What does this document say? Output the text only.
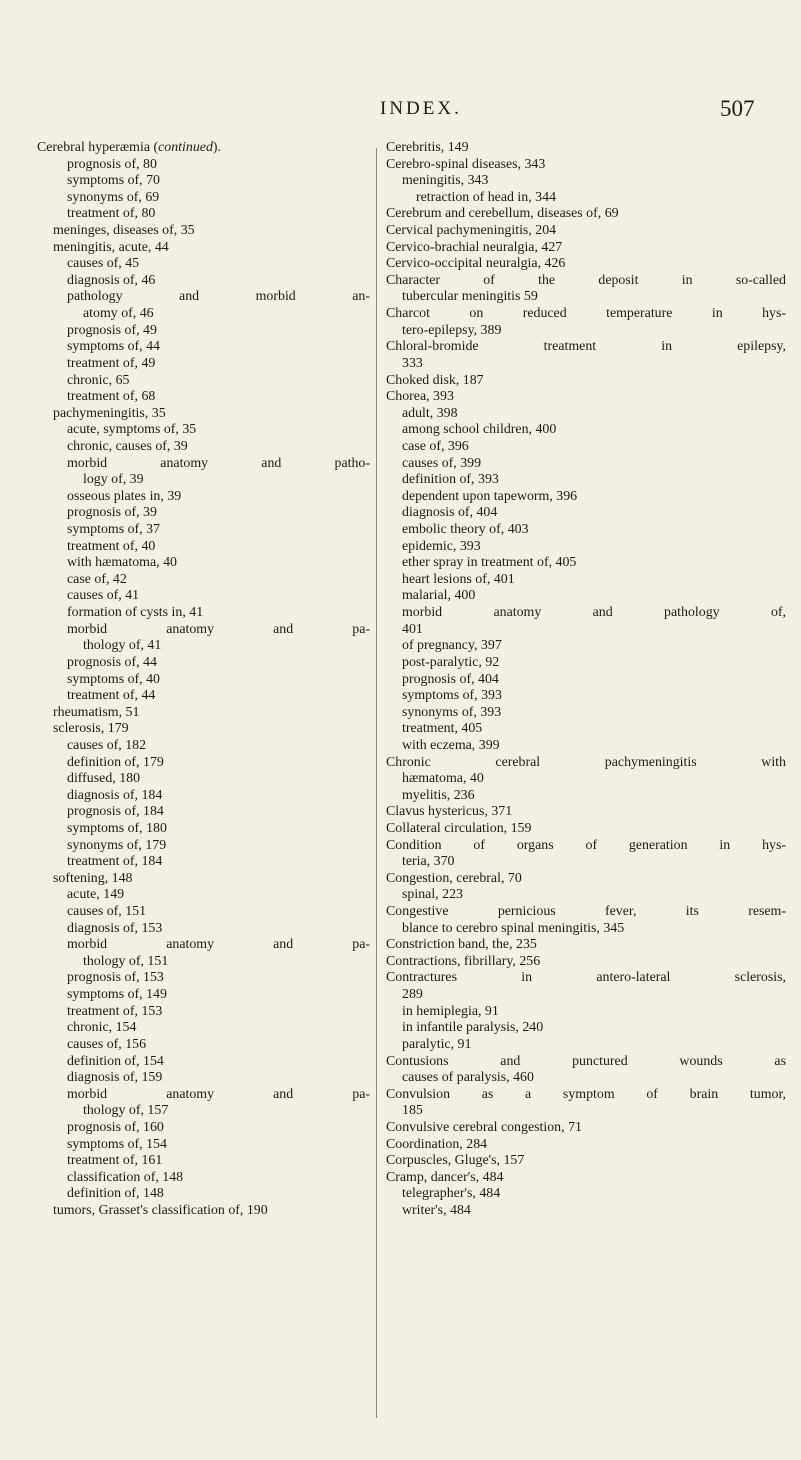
INDEX.	507
Cerebral hyperæmia (continued).
prognosis of, 80
symptoms of, 70
synonyms of, 69
treatment of, 80
meninges, diseases of, 35
meningitis, acute, 44
causes of, 45
diagnosis of, 46
pathology and morbid an-
atomy of, 46
prognosis of, 49
symptoms of, 44
treatment of, 49
chronic, 65
treatment of, 68
pachymeningitis, 35
acute, symptoms of, 35
chronic, causes of, 39
morbid anatomy and patho-
logy of, 39
osseous plates in, 39
prognosis of, 39
symptoms of, 37
treatment of, 40
with hæmatoma, 40
case of, 42
causes of, 41
formation of cysts in, 41
morbid anatomy and pa-
thology of, 41
prognosis of, 44
symptoms of, 40
treatment of, 44
rheumatism, 51
sclerosis, 179
causes of, 182
definition of, 179
diffused, 180
diagnosis of, 184
prognosis of, 184
symptoms of, 180
synonyms of, 179
treatment of, 184
softening, 148
acute, 149
causes of, 151
diagnosis of, 153
morbid anatomy and pa-
thology of, 151
prognosis of, 153
symptoms of, 149
treatment of, 153
chronic, 154
causes of, 156
definition of, 154
diagnosis of, 159
morbid anatomy and pa-
thology of, 157
prognosis of, 160
symptoms of, 154
treatment of, 161
classification of, 148
definition of, 148
tumors, Grasset's classification of, 190
Cerebritis, 149
Cerebro-spinal diseases, 343
meningitis, 343
retraction of head in, 344
Cerebrum and cerebellum, diseases of, 69
Cervical pachymeningitis, 204
Cervico-brachial neuralgia, 427
Cervico-occipital neuralgia, 426
Character of the deposit in so-called
tubercular meningitis 59
Charcot on reduced temperature in hys-
tero-epilepsy, 389
Chloral-bromide treatment in epilepsy,
333
Choked disk, 187
Chorea, 393
adult, 398
among school children, 400
case of, 396
causes of, 399
definition of, 393
dependent upon tapeworm, 396
diagnosis of, 404
embolic theory of, 403
epidemic, 393
ether spray in treatment of, 405
heart lesions of, 401
malarial, 400
morbid anatomy and pathology of,
401
of pregnancy, 397
post-paralytic, 92
prognosis of, 404
symptoms of, 393
synonyms of, 393
treatment, 405
with eczema, 399
Chronic cerebral pachymeningitis with
hæmatoma, 40
myelitis, 236
Clavus hystericus, 371
Collateral circulation, 159
Condition of organs of generation in hys-
teria, 370
Congestion, cerebral, 70
spinal, 223
Congestive pernicious fever, its resem-
blance to cerebro spinal meningitis, 345
Constriction band, the, 235
Contractions, fibrillary, 256
Contractures in antero-lateral sclerosis,
289
in hemiplegia, 91
in infantile paralysis, 240
paralytic, 91
Contusions and punctured wounds as
causes of paralysis, 460
Convulsion as a symptom of brain tumor,
185
Convulsive cerebral congestion, 71
Coordination, 284
Corpuscles, Gluge's, 157
Cramp, dancer's, 484
telegrapher's, 484
writer's, 484
